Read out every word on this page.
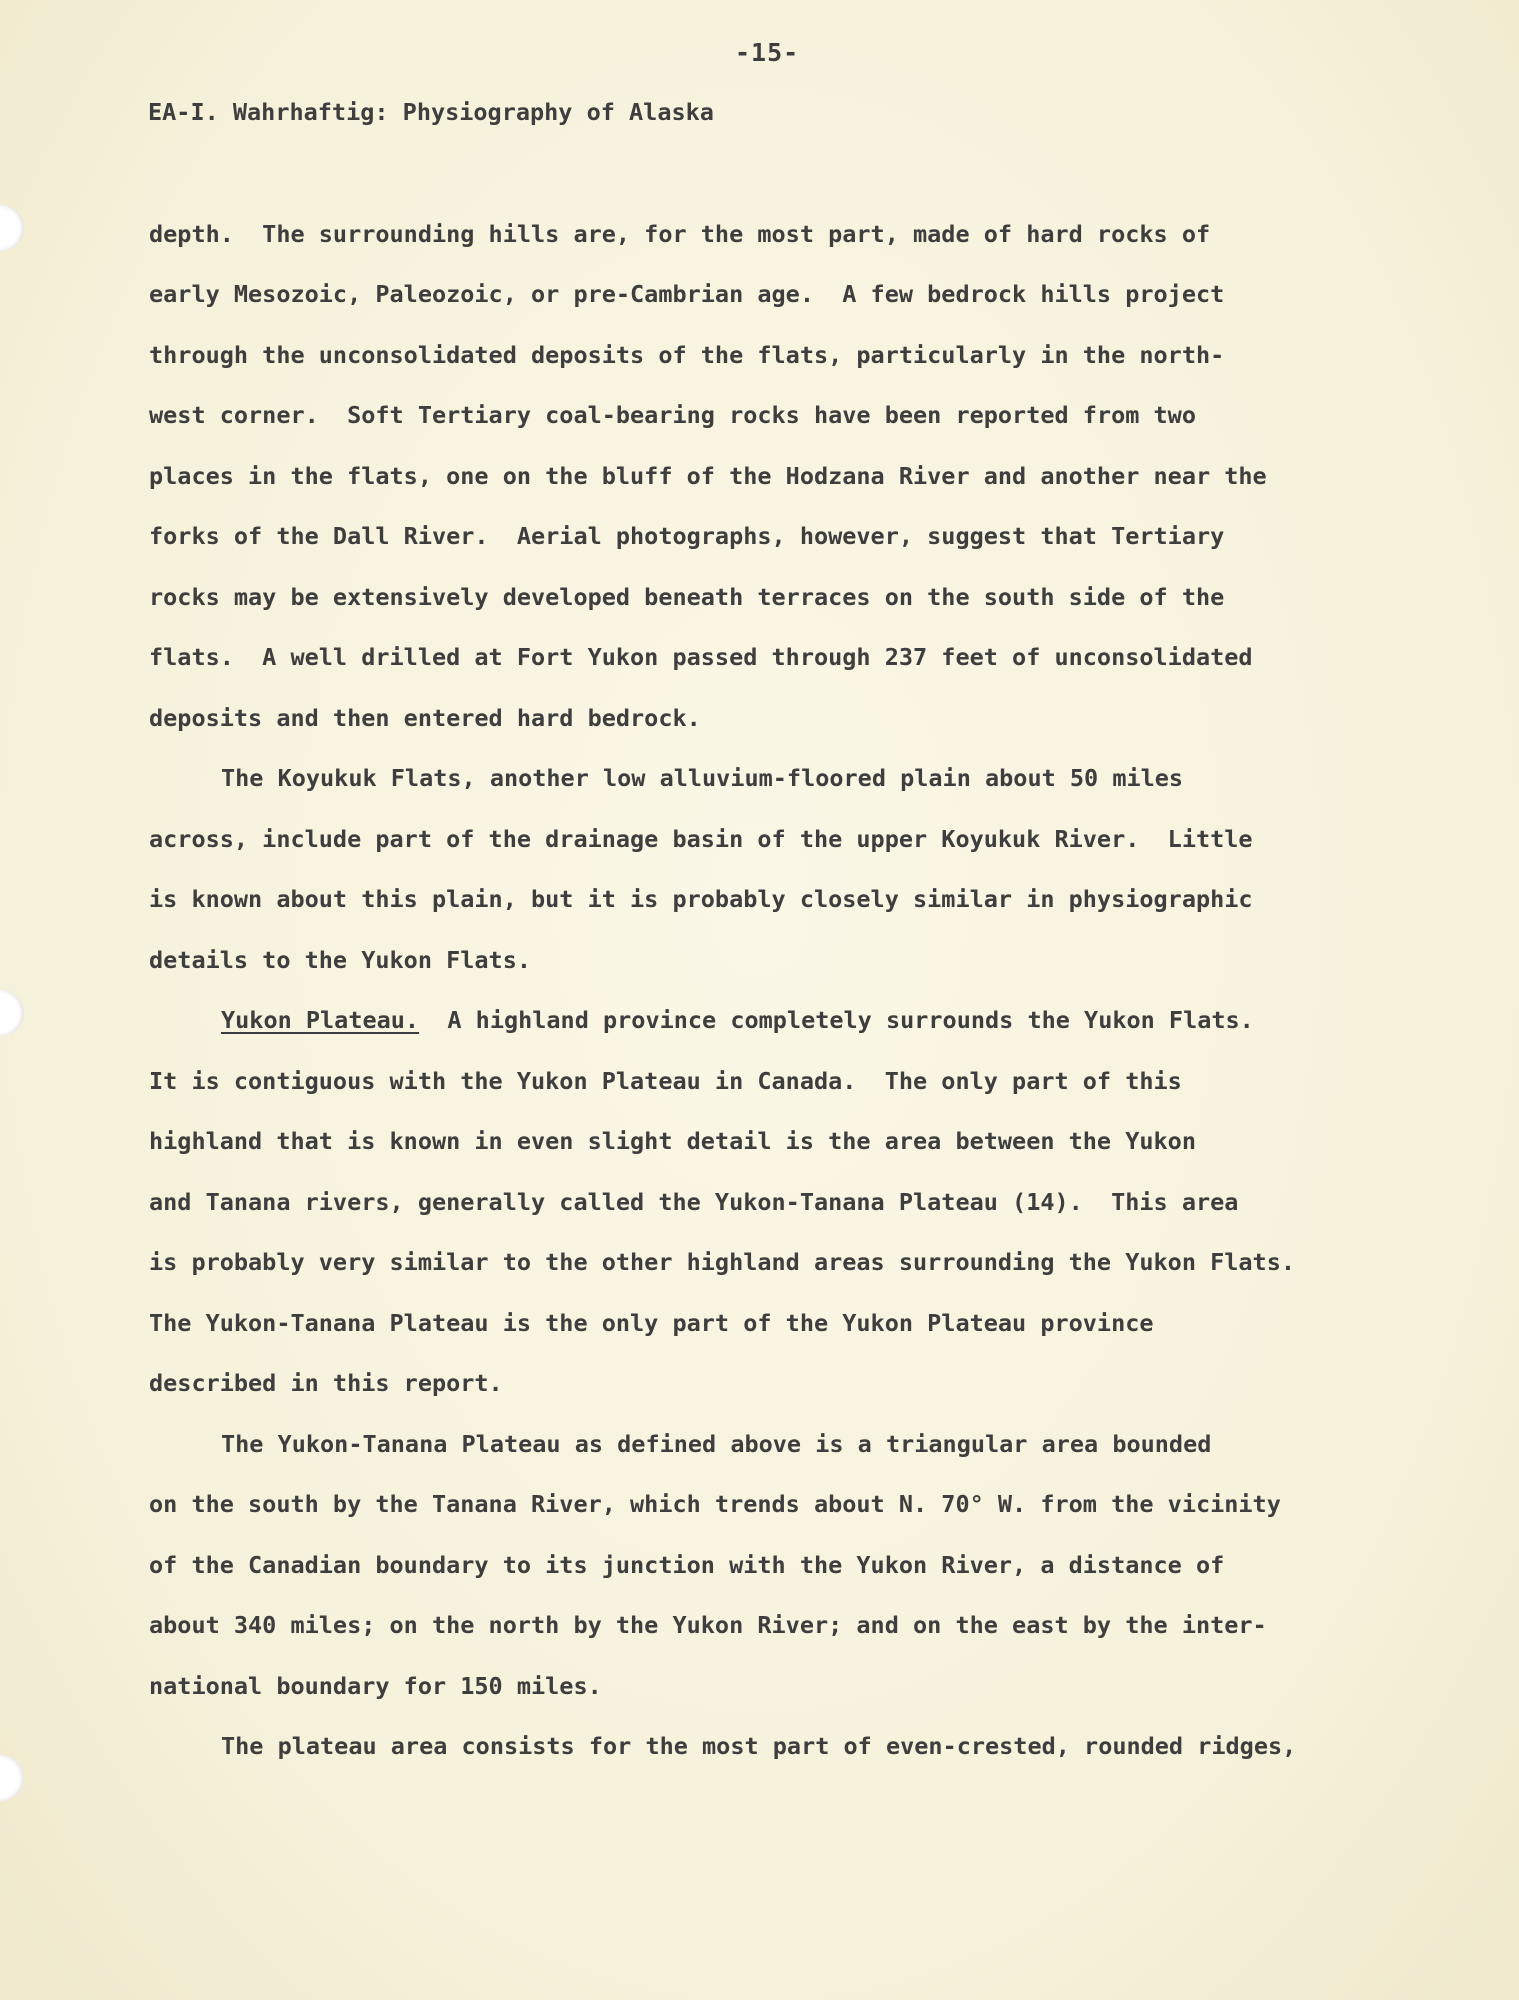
-15-
EA-I. Wahrhaftig: Physiography of Alaska
depth.  The surrounding hills are, for the most part, made of hard rocks of
early Mesozoic, Paleozoic, or pre-Cambrian age.  A few bedrock hills project
through the unconsolidated deposits of the flats, particularly in the north-
west corner.  Soft Tertiary coal-bearing rocks have been reported from two
places in the flats, one on the bluff of the Hodzana River and another near the
forks of the Dall River.  Aerial photographs, however, suggest that Tertiary
rocks may be extensively developed beneath terraces on the south side of the
flats.  A well drilled at Fort Yukon passed through 237 feet of unconsolidated
deposits and then entered hard bedrock.
The Koyukuk Flats, another low alluvium-floored plain about 50 miles
across, include part of the drainage basin of the upper Koyukuk River.  Little
is known about this plain, but it is probably closely similar in physiographic
details to the Yukon Flats.
Yukon Plateau.  A highland province completely surrounds the Yukon Flats.
It is contiguous with the Yukon Plateau in Canada.  The only part of this
highland that is known in even slight detail is the area between the Yukon
and Tanana rivers, generally called the Yukon-Tanana Plateau (14).  This area
is probably very similar to the other highland areas surrounding the Yukon Flats.
The Yukon-Tanana Plateau is the only part of the Yukon Plateau province
described in this report.
The Yukon-Tanana Plateau as defined above is a triangular area bounded
on the south by the Tanana River, which trends about N. 70° W. from the vicinity
of the Canadian boundary to its junction with the Yukon River, a distance of
about 340 miles; on the north by the Yukon River; and on the east by the inter-
national boundary for 150 miles.
The plateau area consists for the most part of even-crested, rounded ridges,
